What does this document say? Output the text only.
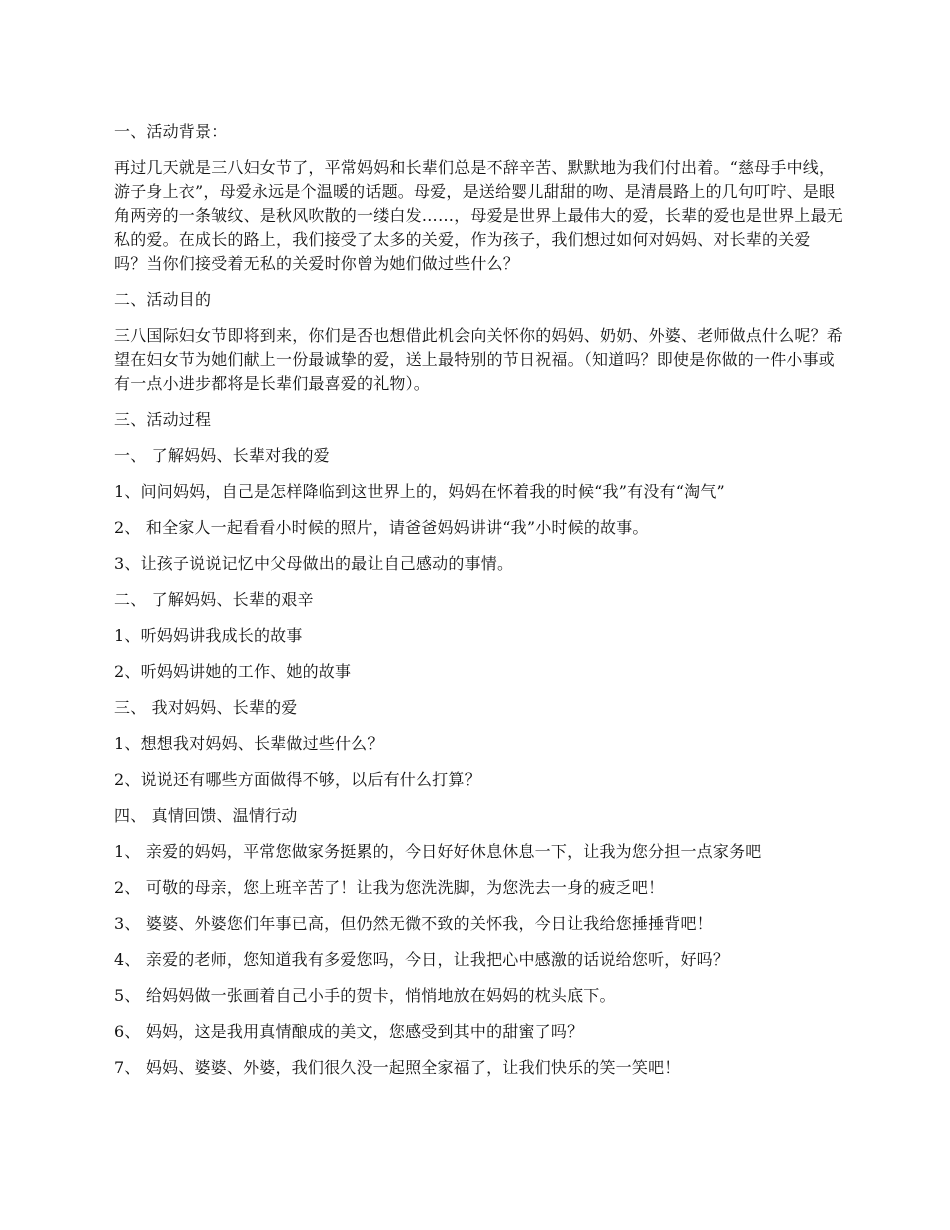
一、活动背景：

再过几天就是三八妇女节了，平常妈妈和长辈们总是不辞辛苦、默默地为我们付出着。“慈母手中线，游子身上衣”，母爱永远是个温暖的话题。母爱，是送给婴儿甜甜的吻、是清晨路上的几句叮咛、是眼角两旁的一条皱纹、是秋风吹散的一缕白发……，母爱是世界上最伟大的爱，长辈的爱也是世界上最无私的爱。在成长的路上，我们接受了太多的关爱，作为孩子，我们想过如何对妈妈、对长辈的关爱 吗？当你们接受着无私的关爱时你曾为她们做过些什么？

二、活动目的

三八国际妇女节即将到来，你们是否也想借此机会向关怀你的妈妈、奶奶、外婆、老师做点什么呢？希望在妇女节为她们献上一份最诚挚的爱，送上最特别的节日祝福。（知道吗？即使是你做的一件小事或有一点小进步都将是长辈们最喜爱的礼物）。

三、活动过程

一、 了解妈妈、长辈对我的爱

1、问问妈妈，自己是怎样降临到这世界上的，妈妈在怀着我的时候“我”有没有“淘气”

2、 和全家人一起看看小时候的照片，请爸爸妈妈讲讲“我”小时候的故事。

3、让孩子说说记忆中父母做出的最让自己感动的事情。

二、 了解妈妈、长辈的艰辛

1、听妈妈讲我成长的故事

2、听妈妈讲她的工作、她的故事

三、 我对妈妈、长辈的爱

1、想想我对妈妈、长辈做过些什么？

2、说说还有哪些方面做得不够，以后有什么打算？

四、 真情回馈、温情行动

1、 亲爱的妈妈，平常您做家务挺累的，今日好好休息休息一下，让我为您分担一点家务吧

2、 可敬的母亲，您上班辛苦了！让我为您洗洗脚，为您洗去一身的疲乏吧！

3、 婆婆、外婆您们年事已高，但仍然无微不致的关怀我，今日让我给您捶捶背吧！

4、 亲爱的老师，您知道我有多爱您吗，今日，让我把心中感激的话说给您听，好吗？

5、 给妈妈做一张画着自己小手的贺卡，悄悄地放在妈妈的枕头底下。

6、 妈妈，这是我用真情酿成的美文，您感受到其中的甜蜜了吗？

7、 妈妈、婆婆、外婆，我们很久没一起照全家福了，让我们快乐的笑一笑吧！
